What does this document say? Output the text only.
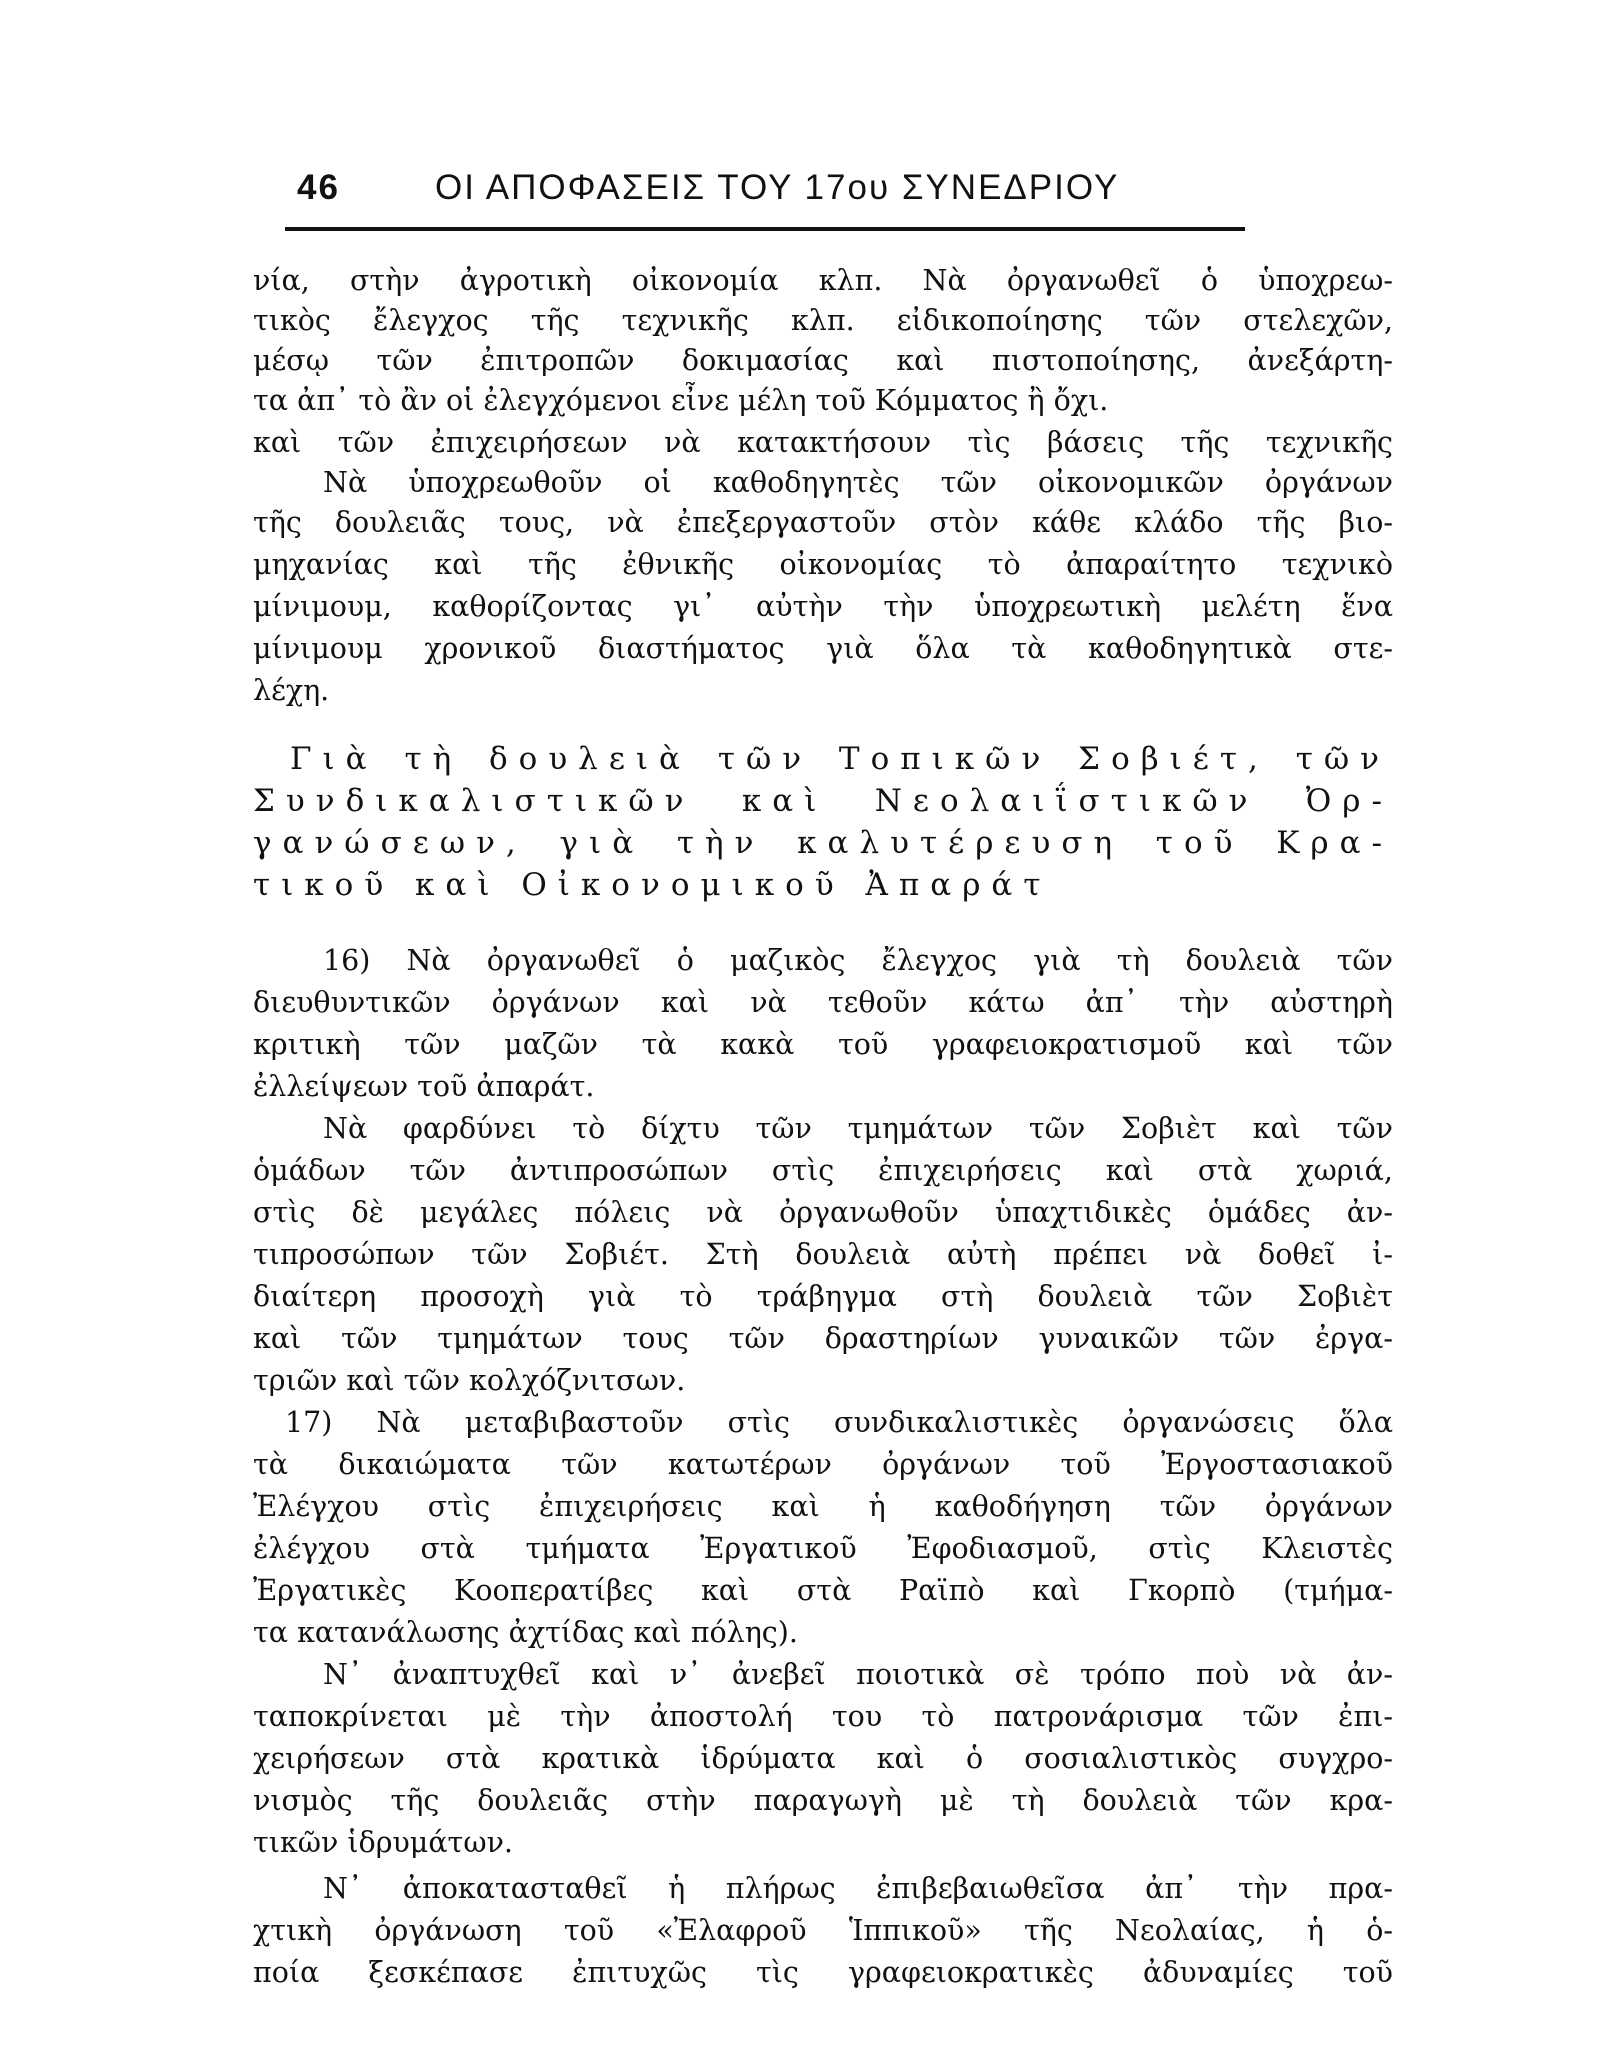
46	ΟΙ ΑΠΟΦΑΣΕΙΣ ΤΟΥ 17ου ΣΥΝΕΔΡΙΟΥ
νία, στὴν ἀγροτικὴ οἰκονομία κλπ. Νὰ ὀργανωθεῖ ὁ ὑποχρεω-
τικὸς ἔλεγχος τῆς τεχνικῆς κλπ. εἰδικοποίησης τῶν στελεχῶν,
μέσῳ τῶν ἐπιτροπῶν δοκιμασίας καὶ πιστοποίησης, ἀνεξάρτη-
τα ἀπ᾽ τὸ ἂν οἱ ἐλεγχόμενοι εἶνε μέλη τοῦ Κόμματος ἢ ὄχι.
καὶ τῶν ἐπιχειρήσεων νὰ κατακτήσουν τὶς βάσεις τῆς τεχνικῆς
Νὰ ὑποχρεωθοῦν οἱ καθοδηγητὲς τῶν οἰκονομικῶν ὀργάνων
τῆς δουλειᾶς τους, νὰ ἐπεξεργαστοῦν στὸν κάθε κλάδο τῆς βιο-
μηχανίας καὶ τῆς ἐθνικῆς οἰκονομίας τὸ ἀπαραίτητο τεχνικὸ
μίνιμουμ, καθορίζοντας γι᾽ αὐτὴν τὴν ὑποχρεωτικὴ μελέτη ἕνα
μίνιμουμ χρονικοῦ διαστήματος γιὰ ὅλα τὰ καθοδηγητικὰ στε-
λέχη.
Γιὰ τὴ δουλειὰ τῶν Τοπικῶν Σοβιέτ, τῶν
Συνδικαλιστικῶν καὶ Νεολαιΐστικῶν Ὀρ-
γανώσεων, γιὰ τὴν καλυτέρευση τοῦ Κρα-
τικοῦ καὶ Οἰκονομικοῦ Ἀπαράτ
16) Νὰ ὀργανωθεῖ ὁ μαζικὸς ἔλεγχος γιὰ τὴ δουλειὰ τῶν
διευθυντικῶν ὀργάνων καὶ νὰ τεθοῦν κάτω ἀπ᾽ τὴν αὐστηρὴ
κριτικὴ τῶν μαζῶν τὰ κακὰ τοῦ γραφειοκρατισμοῦ καὶ τῶν
ἐλλείψεων τοῦ ἀπαράτ.
Νὰ φαρδύνει τὸ δίχτυ τῶν τμημάτων τῶν Σοβιὲτ καὶ τῶν
ὁμάδων τῶν ἀντιπροσώπων στὶς ἐπιχειρήσεις καὶ στὰ χωριά,
στὶς δὲ μεγάλες πόλεις νὰ ὀργανωθοῦν ὑπαχτιδικὲς ὁμάδες ἀν-
τιπροσώπων τῶν Σοβιέτ. Στὴ δουλειὰ αὐτὴ πρέπει νὰ δοθεῖ ἰ-
διαίτερη προσοχὴ γιὰ τὸ τράβηγμα στὴ δουλειὰ τῶν Σοβιὲτ
καὶ τῶν τμημάτων τους τῶν δραστηρίων γυναικῶν τῶν ἐργα-
τριῶν καὶ τῶν κολχόζνιτσων.
17) Νὰ μεταβιβαστοῦν στὶς συνδικαλιστικὲς ὀργανώσεις ὅλα
τὰ δικαιώματα τῶν κατωτέρων ὀργάνων τοῦ Ἐργοστασιακοῦ
Ἐλέγχου στὶς ἐπιχειρήσεις καὶ ἡ καθοδήγηση τῶν ὀργάνων
ἐλέγχου στὰ τμήματα Ἐργατικοῦ Ἐφοδιασμοῦ, στὶς Κλειστὲς
Ἐργατικὲς Κοοπερατίβες καὶ στὰ Ραϊπὸ καὶ Γκορπὸ (τμήμα-
τα κατανάλωσης ἀχτίδας καὶ πόλης).
Ν᾽ ἀναπτυχθεῖ καὶ ν᾽ ἀνεβεῖ ποιοτικὰ σὲ τρόπο ποὺ νὰ ἀν-
ταποκρίνεται μὲ τὴν ἀποστολή του τὸ πατρονάρισμα τῶν ἐπι-
χειρήσεων στὰ κρατικὰ ἱδρύματα καὶ ὁ σοσιαλιστικὸς συγχρο-
νισμὸς τῆς δουλειᾶς στὴν παραγωγὴ μὲ τὴ δουλειὰ τῶν κρα-
τικῶν ἱδρυμάτων.
Ν᾽ ἀποκατασταθεῖ ἡ πλήρως ἐπιβεβαιωθεῖσα ἀπ᾽ τὴν πρα-
χτικὴ ὀργάνωση τοῦ «Ἐλαφροῦ Ἱππικοῦ» τῆς Νεολαίας, ἡ ὁ-
ποία ξεσκέπασε ἐπιτυχῶς τὶς γραφειοκρατικὲς ἀδυναμίες τοῦ
